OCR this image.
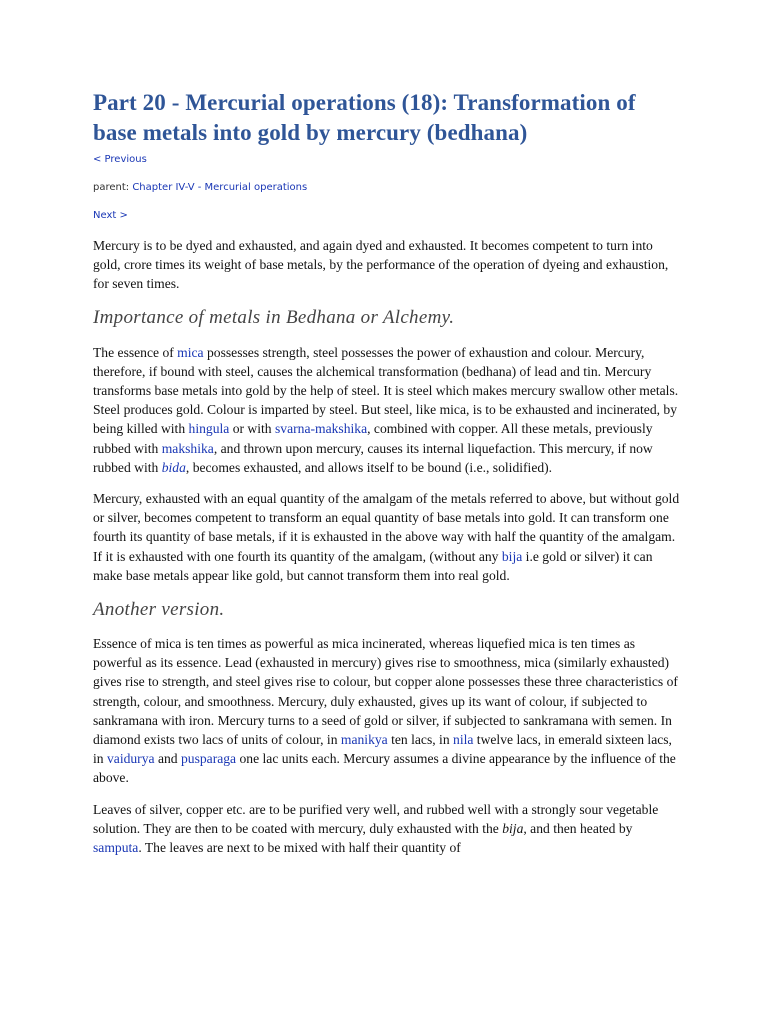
Part 20 - Mercurial operations (18): Transformation of base metals into gold by mercury (bedhana)
< Previous
parent: Chapter IV-V - Mercurial operations
Next >

Mercury is to be dyed and exhausted, and again dyed and exhausted. It becomes competent to turn into gold, crore times its weight of base metals, by the performance of the operation of dyeing and exhaustion, for seven times.

Importance of metals in Bedhana or Alchemy.

The essence of mica possesses strength, steel possesses the power of exhaustion and colour. Mercury, therefore, if bound with steel, causes the alchemical transformation (bedhana) of lead and tin. Mercury transforms base metals into gold by the help of steel. It is steel which makes mercury swallow other metals. Steel produces gold. Colour is imparted by steel. But steel, like mica, is to be exhausted and incinerated, by being killed with hingula or with svarna-makshika, combined with copper. All these metals, previously rubbed with makshika, and thrown upon mercury, causes its internal liquefaction. This mercury, if now rubbed with bida, becomes exhausted, and allows itself to be bound (i.e., solidified).

Mercury, exhausted with an equal quantity of the amalgam of the metals referred to above, but without gold or silver, becomes competent to transform an equal quantity of base metals into gold. It can transform one fourth its quantity of base metals, if it is exhausted in the above way with half the quantity of the amalgam. If it is exhausted with one fourth its quantity of the amalgam, (without any bija i.e gold or silver) it can make base metals appear like gold, but cannot transform them into real gold.

Another version.

Essence of mica is ten times as powerful as mica incinerated, whereas liquefied mica is ten times as powerful as its essence. Lead (exhausted in mercury) gives rise to smoothness, mica (similarly exhausted) gives rise to strength, and steel gives rise to colour, but copper alone possesses these three characteristics of strength, colour, and smoothness. Mercury, duly exhausted, gives up its want of colour, if subjected to sankramana with iron. Mercury turns to a seed of gold or silver, if subjected to sankramana with semen. In diamond exists two lacs of units of colour, in manikya ten lacs, in nila twelve lacs, in emerald sixteen lacs, in vaidurya and pusparaga one lac units each. Mercury assumes a divine appearance by the influence of the above.

Leaves of silver, copper etc. are to be purified very well, and rubbed well with a strongly sour vegetable solution. They are then to be coated with mercury, duly exhausted with the bija, and then heated by samputa. The leaves are next to be mixed with half their quantity of
